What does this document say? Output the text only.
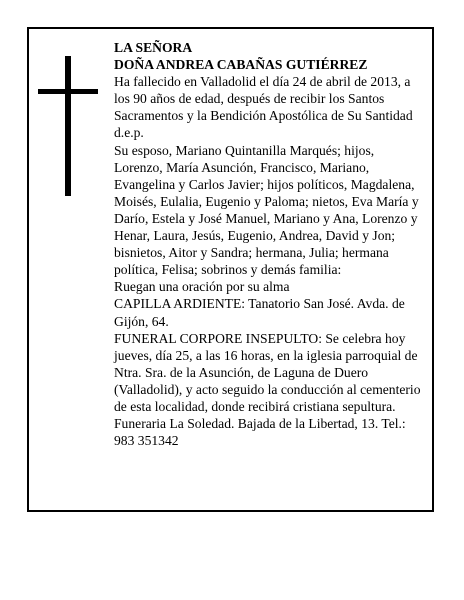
LA SEÑORA

DOÑA ANDREA CABAÑAS GUTIÉRREZ

Ha fallecido en Valladolid el día 24 de abril de 2013, a los 90 años de edad, después de recibir los Santos Sacramentos y la Bendición Apostólica de Su Santidad d.e.p.

Su esposo, Mariano Quintanilla Marqués; hijos, Lorenzo, María Asunción, Francisco, Mariano, Evangelina y Carlos Javier; hijos políticos, Magdalena, Moisés, Eulalia, Eugenio y Paloma; nietos, Eva María y Darío, Estela y José Manuel, Mariano y Ana, Lorenzo y Henar, Laura, Jesús, Eugenio, Andrea, David y Jon; bisnietos, Aitor y Sandra; hermana, Julia; hermana política, Felisa; sobrinos y demás familia:

Ruegan una oración por su alma

CAPILLA ARDIENTE: Tanatorio San José. Avda. de Gijón, 64.

FUNERAL CORPORE INSEPULTO: Se celebra hoy jueves, día 25, a las 16 horas, en la iglesia parroquial de Ntra. Sra. de la Asunción, de Laguna de Duero (Valladolid), y acto seguido la conducción al cementerio de esta localidad, donde recibirá cristiana sepultura.

Funeraria La Soledad. Bajada de la Libertad, 13. Tel.: 983 351342
